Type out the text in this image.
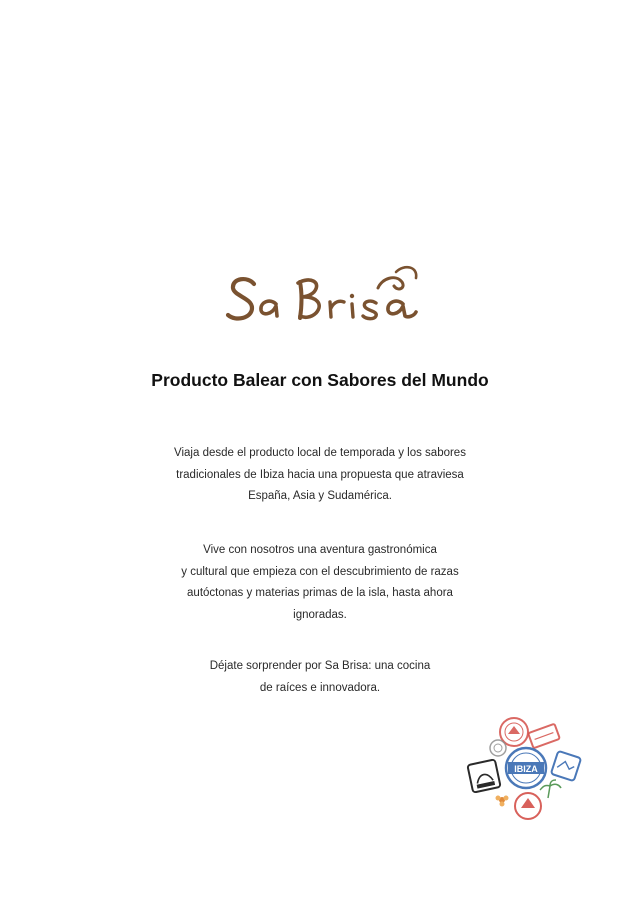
Producto Balear con Sabores del Mundo

Viaja desde el producto local de temporada y los sabores
tradicionales de Ibiza hacia una propuesta que atraviesa
España, Asia y Sudamérica.

Vive con nosotros una aventura gastronómica
y cultural que empieza con el descubrimiento de razas
autóctonas y materias primas de la isla, hasta ahora
ignoradas.

Déjate sorprender por Sa Brisa: una cocina
de raíces e innovadora.

IBIZA
